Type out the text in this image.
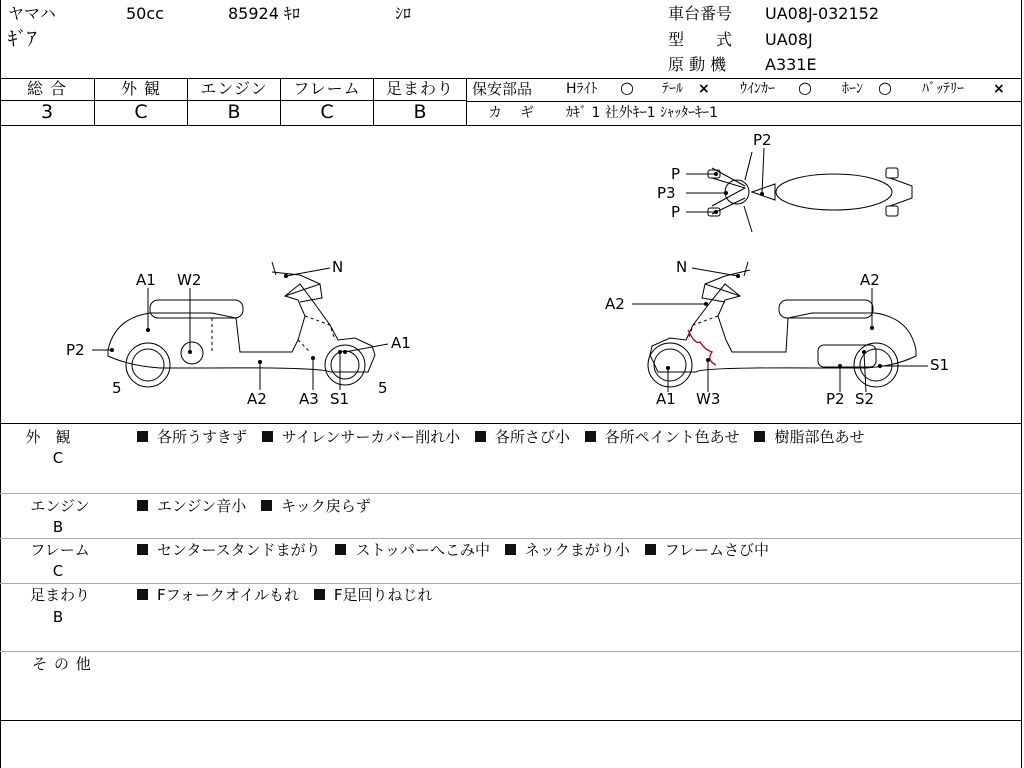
ヤマハ	50cc	85924 ｷﾛ	ｼﾛ
ｷﾞｱ
車台番号 UA08J-032152
型　　式 UA08J
原 動 機 A331E
総 合	外 観	エンジン	フレーム	足まわり
3	C	B	C	B
保安部品 Hﾗｲﾄ ○ ﾃｰﾙ × ｳｲﾝｶｰ ○ ﾎｰﾝ ○ ﾊﾞｯﾃﾘｰ ×
カ　ギ ｶｷﾞ 1 社外ｷｰ1 ｼｬｯﾀｰｷｰ1
A1 W2
N
P2	A1
5	5
A2 A3 S1
N
A2
A2
S1
A1 W3	P2 S2
P2
P
P3
P
外　観
C
各所うすきず サイレンサーカバー削れ小 各所さび小 各所ペイント色あせ 樹脂部色あせ
エンジン
B
エンジン音小 キック戻らず
フレーム
C
センタースタンドまがり ストッパーへこみ中 ネックまがり小 フレームさび中
足まわり
B
Fフォークオイルもれ F足回りねじれ
そ の 他
